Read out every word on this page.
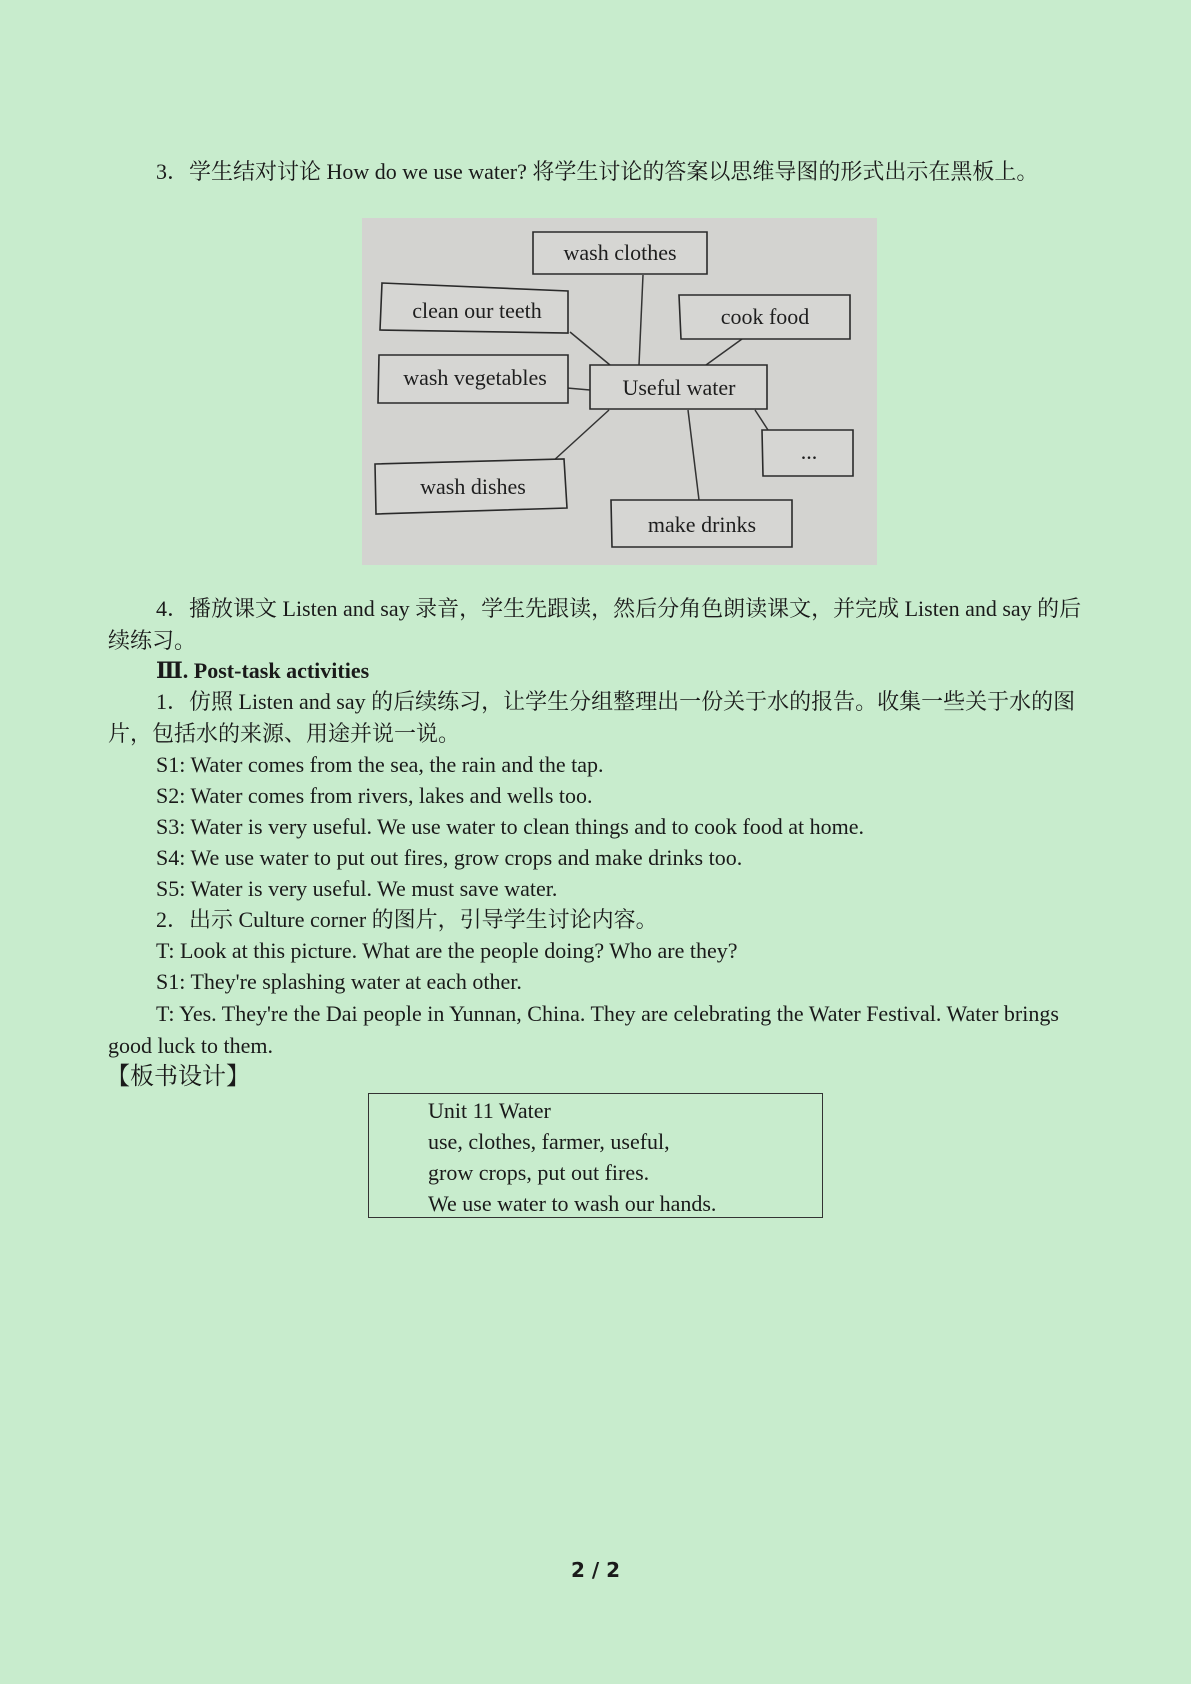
3．学生结对讨论 How do we use water? 将学生讨论的答案以思维导图的形式出示在黑板上。

wash clothes
clean our teeth	cook food
wash vegetables	Useful water
...
wash dishes
make drinks

4．播放课文 Listen and say 录音，学生先跟读，然后分角色朗读课文，并完成 Listen and say 的后续练习。

Ⅲ. Post-task activities

1．仿照 Listen and say 的后续练习，让学生分组整理出一份关于水的报告。收集一些关于水的图片，包括水的来源、用途并说一说。

S1: Water comes from the sea, the rain and the tap.

S2: Water comes from rivers, lakes and wells too.

S3: Water is very useful. We use water to clean things and to cook food at home.

S4: We use water to put out fires, grow crops and make drinks too.

S5: Water is very useful. We must save water.

2．出示 Culture corner 的图片，引导学生讨论内容。

T: Look at this picture. What are the people doing? Who are they?

S1: They're splashing water at each other.

T: Yes. They're the Dai people in Yunnan, China. They are celebrating the Water Festival. Water brings good luck to them.

【板书设计】

Unit 11 Water

use, clothes, farmer, useful,

grow crops, put out fires.

We use water to wash our hands.

2 / 2
